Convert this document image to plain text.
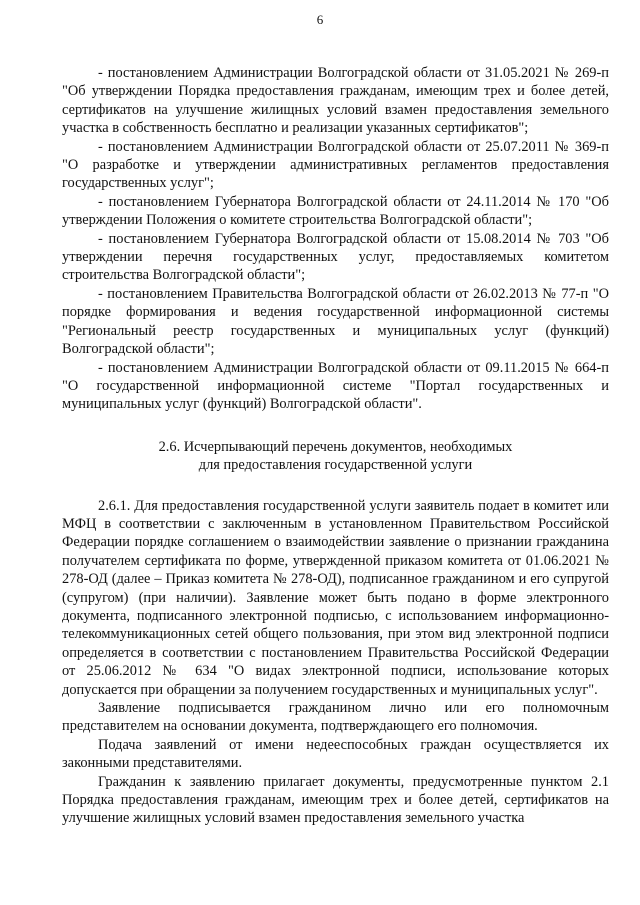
6

- постановлением Администрации Волгоградской области от 31.05.2021 № 269-п "Об утверждении Порядка предоставления гражданам, имеющим трех и более детей, сертификатов на улучшение жилищных условий взамен предоставления земельного участка в собственность бесплатно и реализации указанных сертификатов";

- постановлением Администрации Волгоградской области от 25.07.2011 № 369-п "О разработке и утверждении административных регламентов предоставления государственных услуг";

- постановлением Губернатора Волгоградской области от 24.11.2014 № 170 "Об утверждении Положения о комитете строительства Волгоградской области";

- постановлением Губернатора Волгоградской области от 15.08.2014 № 703 "Об утверждении перечня государственных услуг, предоставляемых комитетом строительства Волгоградской области";

- постановлением Правительства Волгоградской области от 26.02.2013 № 77-п "О порядке формирования и ведения государственной информационной системы "Региональный реестр государственных и муниципальных услуг (функций) Волгоградской области";

- постановлением Администрации Волгоградской области от 09.11.2015 № 664-п "О государственной информационной системе "Портал государственных и муниципальных услуг (функций) Волгоградской области".

2.6. Исчерпывающий перечень документов, необходимых
для предоставления государственной услуги

2.6.1. Для предоставления государственной услуги заявитель подает в комитет или МФЦ в соответствии с заключенным в установленном Правительством Российской Федерации порядке соглашением о взаимодействии заявление о признании гражданина получателем сертификата по форме, утвержденной приказом комитета от 01.06.2021 № 278-ОД (далее – Приказ комитета № 278-ОД), подписанное гражданином и его супругой (супругом) (при наличии). Заявление может быть подано в форме электронного документа, подписанного электронной подписью, с использованием информационно-телекоммуникационных сетей общего пользования, при этом вид электронной подписи определяется в соответствии с постановлением Правительства Российской Федерации от 25.06.2012 № 634 "О видах электронной подписи, использование которых допускается при обращении за получением государственных и муниципальных услуг".

Заявление подписывается гражданином лично или его полномочным представителем на основании документа, подтверждающего его полномочия.

Подача заявлений от имени недееспособных граждан осуществляется их законными представителями.

Гражданин к заявлению прилагает документы, предусмотренные пунктом 2.1 Порядка предоставления гражданам, имеющим трех и более детей, сертификатов на улучшение жилищных условий взамен предоставления земельного участка
